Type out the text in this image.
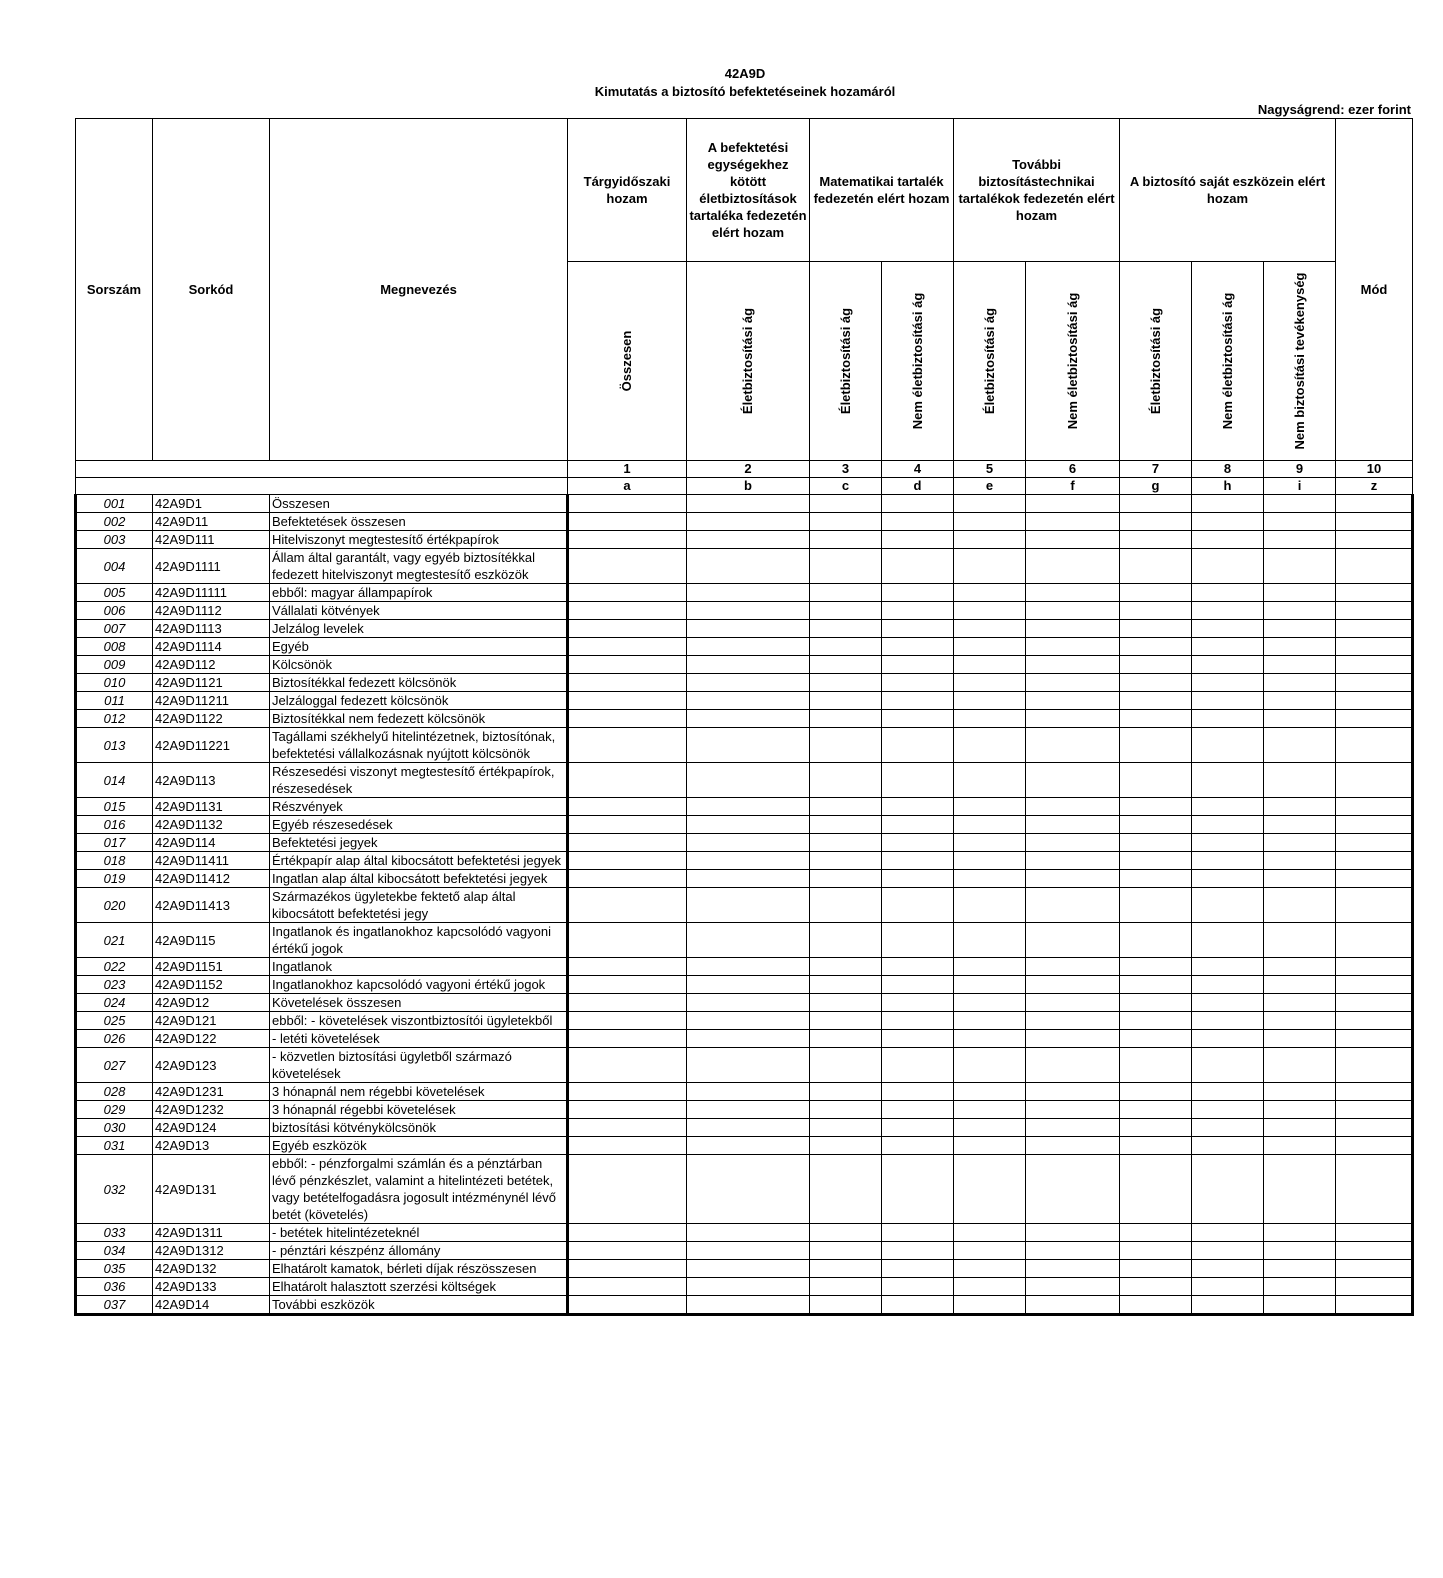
42A9D
Kimutatás a biztosító befektetéseinek hozamáról
Nagyságrend: ezer forint
Sorszám	Sorkód	Megnevezés	Tárgyidőszaki hozam	A befektetési egységekhez kötött életbiztosítások tartaléka fedezetén elért hozam	Matematikai tartalék fedezetén elért hozam		További biztosítástechnikai tartalékok fedezetén elért hozam		A biztosító saját eszközein elért hozam			Mód

			Összesen	Életbiztosítási ág	Életbiztosítási ág	Nem életbiztosítási ág	Életbiztosítási ág	Nem életbiztosítási ág	Életbiztosítási ág	Nem életbiztosítási ág	Nem biztosítási tevékenység	

			1	2	3	4	5	6	7	8	9	10
			a	b	c	d	e	f	g	h	i	z
001	42A9D1	Összesen										
002	42A9D11	Befektetések összesen										
003	42A9D111	Hitelviszonyt megtestesítő értékpapírok										
004	42A9D1111	Állam által garantált, vagy egyéb biztosítékkal fedezett hitelviszonyt megtestesítő eszközök										
005	42A9D11111	ebből: magyar állampapírok										
006	42A9D1112	Vállalati kötvények										
007	42A9D1113	Jelzálog levelek										
008	42A9D1114	Egyéb										
009	42A9D112	Kölcsönök										
010	42A9D1121	Biztosítékkal fedezett kölcsönök										
011	42A9D11211	Jelzáloggal fedezett kölcsönök										
012	42A9D1122	Biztosítékkal nem fedezett kölcsönök										
013	42A9D11221	Tagállami székhelyű hitelintézetnek, biztosítónak, befektetési vállalkozásnak nyújtott kölcsönök										
014	42A9D113	Részesedési viszonyt megtestesítő értékpapírok, részesedések										
015	42A9D1131	Részvények										
016	42A9D1132	Egyéb részesedések										
017	42A9D114	Befektetési jegyek										
018	42A9D11411	Értékpapír alap által kibocsátott befektetési jegyek										
019	42A9D11412	Ingatlan alap által kibocsátott befektetési jegyek										
020	42A9D11413	Származékos ügyletekbe fektető alap által kibocsátott befektetési jegy										
021	42A9D115	Ingatlanok és ingatlanokhoz kapcsolódó vagyoni értékű jogok										
022	42A9D1151	Ingatlanok										
023	42A9D1152	Ingatlanokhoz kapcsolódó vagyoni értékű jogok										
024	42A9D12	Követelések összesen										
025	42A9D121	ebből: - követelések viszontbiztosítói ügyletekből										
026	42A9D122	- letéti követelések										
027	42A9D123	- közvetlen biztosítási ügyletből származó követelések										
028	42A9D1231	3 hónapnál nem régebbi követelések										
029	42A9D1232	3 hónapnál régebbi követelések										
030	42A9D124	biztosítási kötvénykölcsönök										
031	42A9D13	Egyéb eszközök										
032	42A9D131	ebből: - pénzforgalmi számlán és a pénztárban lévő pénzkészlet, valamint a hitelintézeti betétek, vagy betételfogadásra jogosult intézménynél lévő betét (követelés)										
033	42A9D1311	- betétek hitelintézeteknél										
034	42A9D1312	- pénztári készpénz állomány										
035	42A9D132	Elhatárolt kamatok, bérleti díjak részösszesen										
036	42A9D133	Elhatárolt halasztott szerzési költségek										
037	42A9D14	További eszközök										
